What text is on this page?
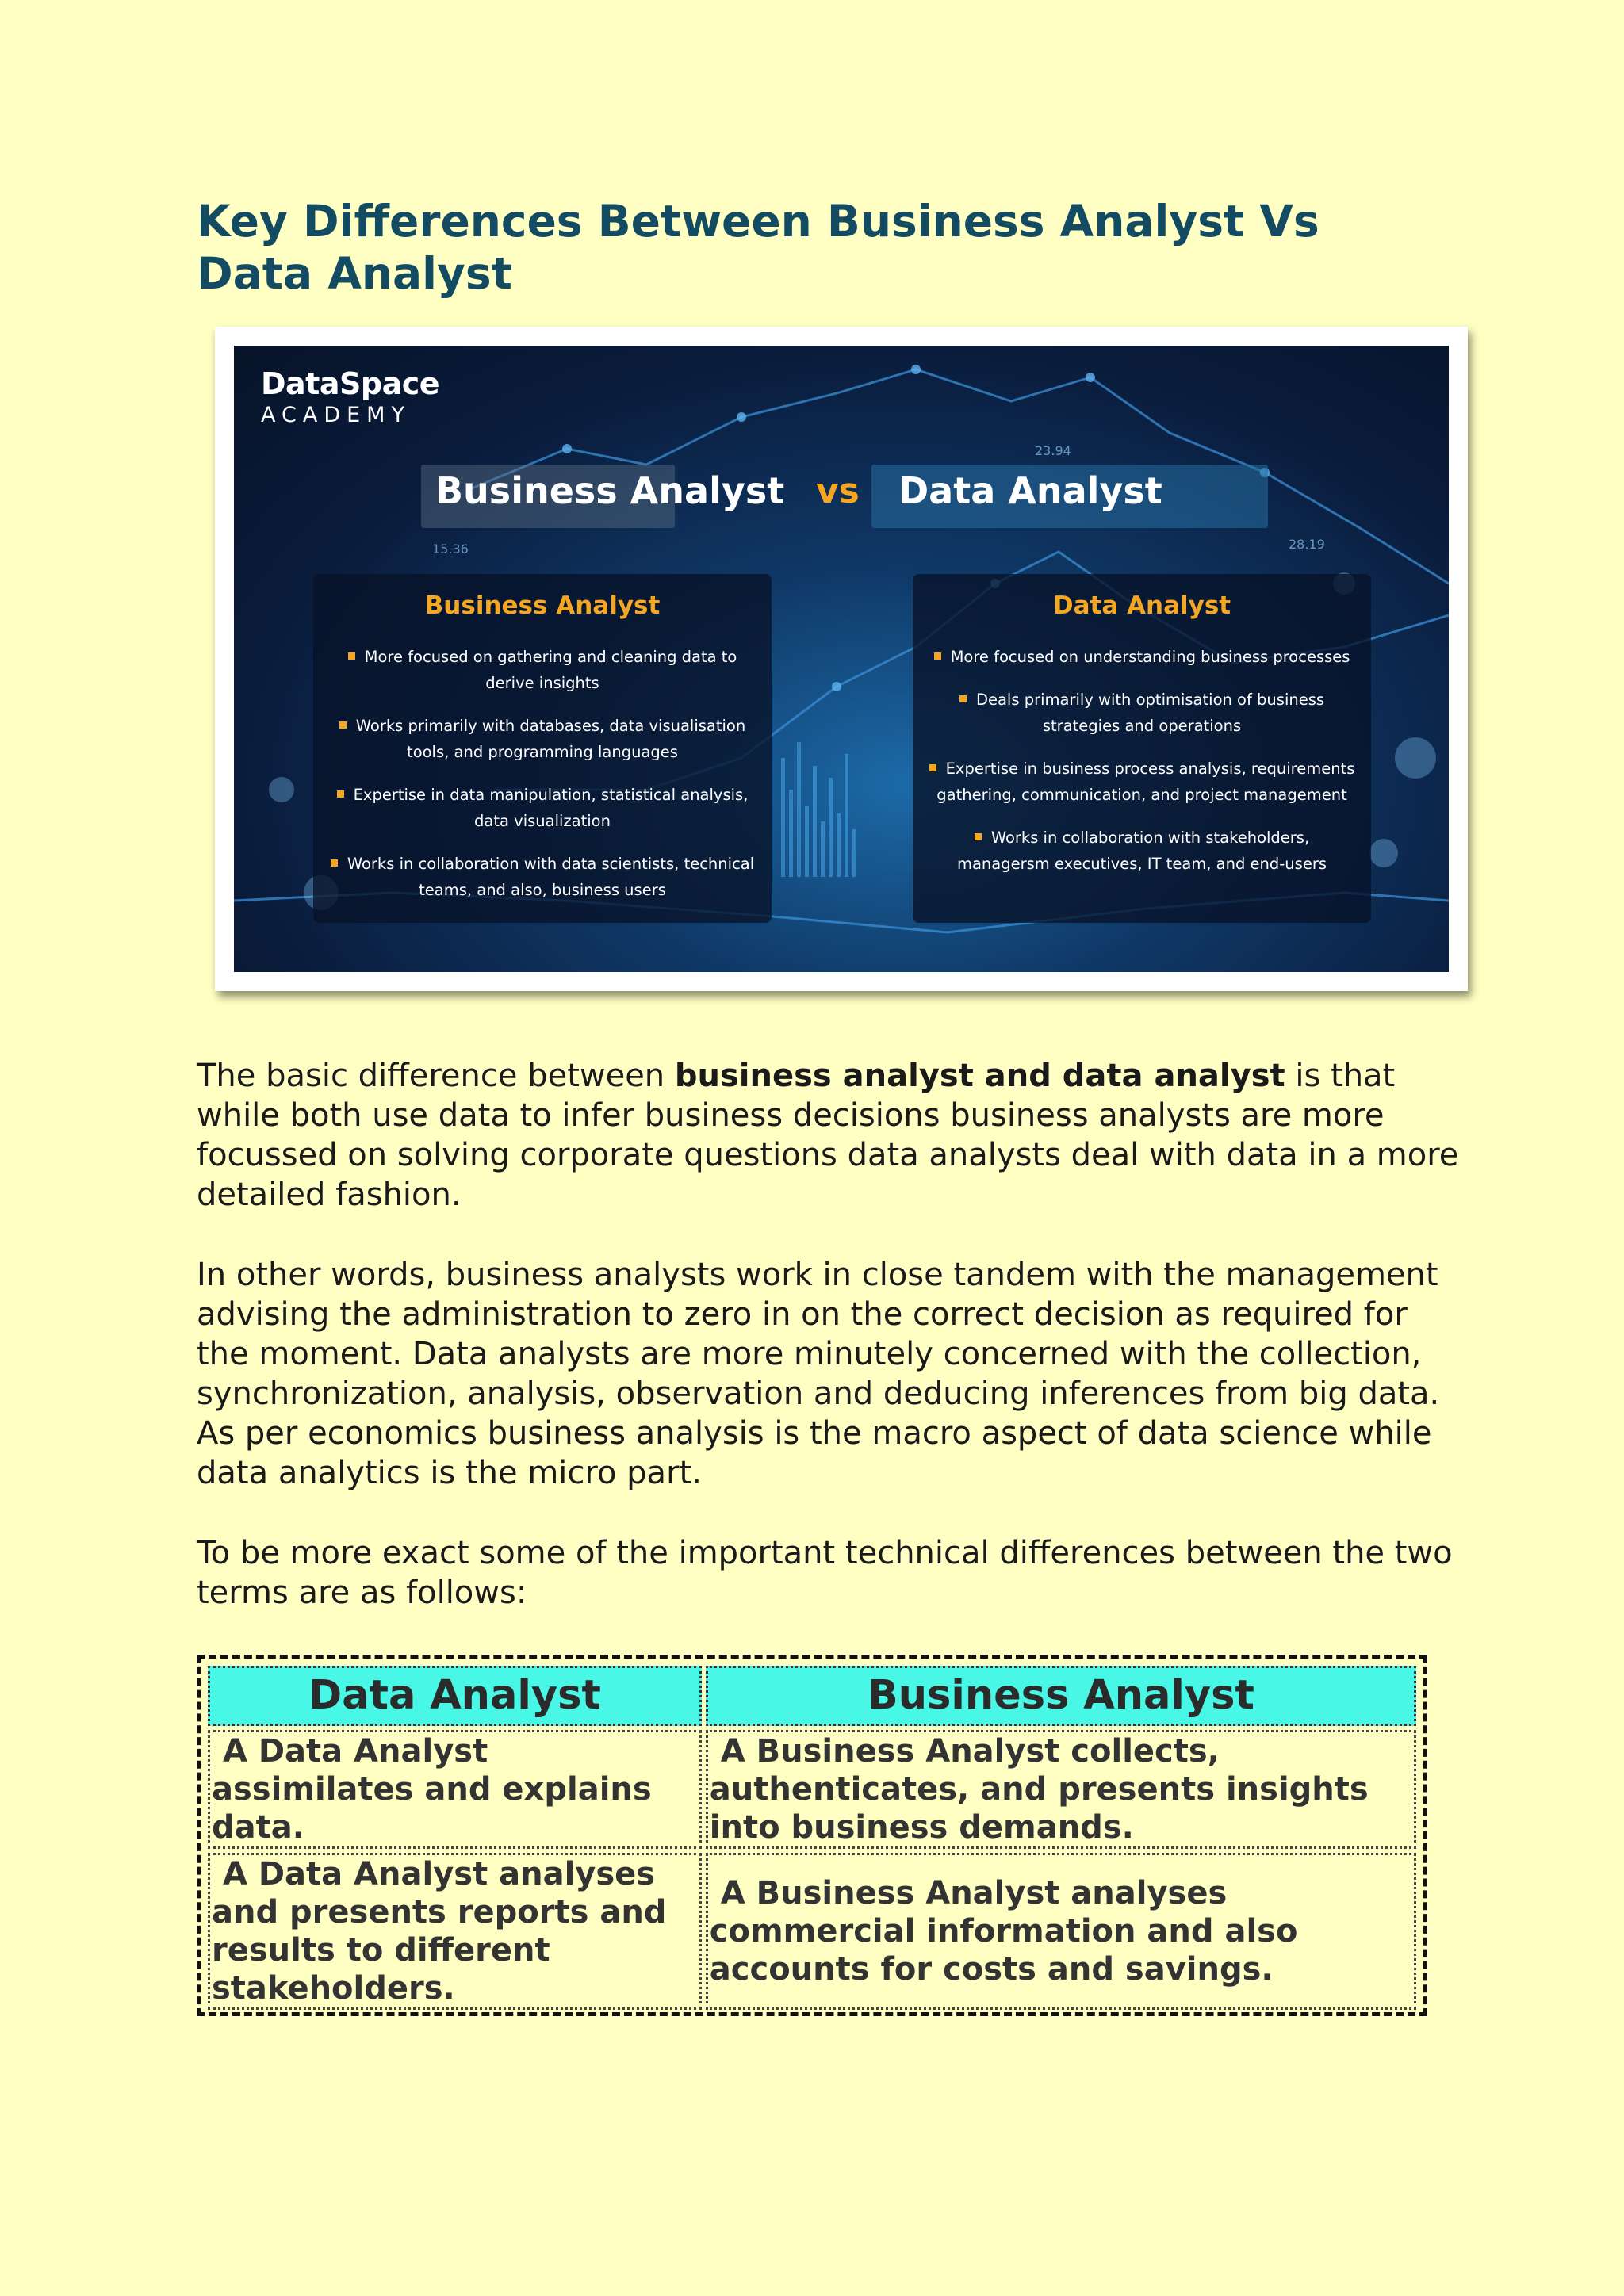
Key Differences Between Business Analyst Vs Data Analyst
15.36
23.94
28.19
DataSpace
ACADEMY
Business Analyst vs Data Analyst
Business Analyst
More focused on gathering and cleaning data to derive insights
Works primarily with databases, data visualisation tools, and programming languages
Expertise in data manipulation, statistical analysis, data visualization
Works in collaboration with data scientists, technical teams, and also, business users
Data Analyst
More focused on understanding business processes
Deals primarily with optimisation of business strategies and operations
Expertise in business process analysis, requirements gathering, communication, and project management
Works in collaboration with stakeholders, managersm executives, IT team, and end-users

The basic difference between business analyst and data analyst is that while both use data to infer business decisions business analysts are more focussed on solving corporate questions data analysts deal with data in a more detailed fashion.

In other words, business analysts work in close tandem with the management advising the administration to zero in on the correct decision as required for the moment. Data analysts are more minutely concerned with the collection, synchronization, analysis, observation and deducing inferences from big data. As per economics business analysis is the macro aspect of data science while data analytics is the micro part.

To be more exact some of the important technical differences between the two terms are as follows:

Data Analyst	Business Analyst
A Data Analyst assimilates and explains data.	A Business Analyst collects, authenticates, and presents insights into business demands.
A Data Analyst analyses and presents reports and results to different stakeholders.	A Business Analyst analyses commercial information and also accounts for costs and savings.
